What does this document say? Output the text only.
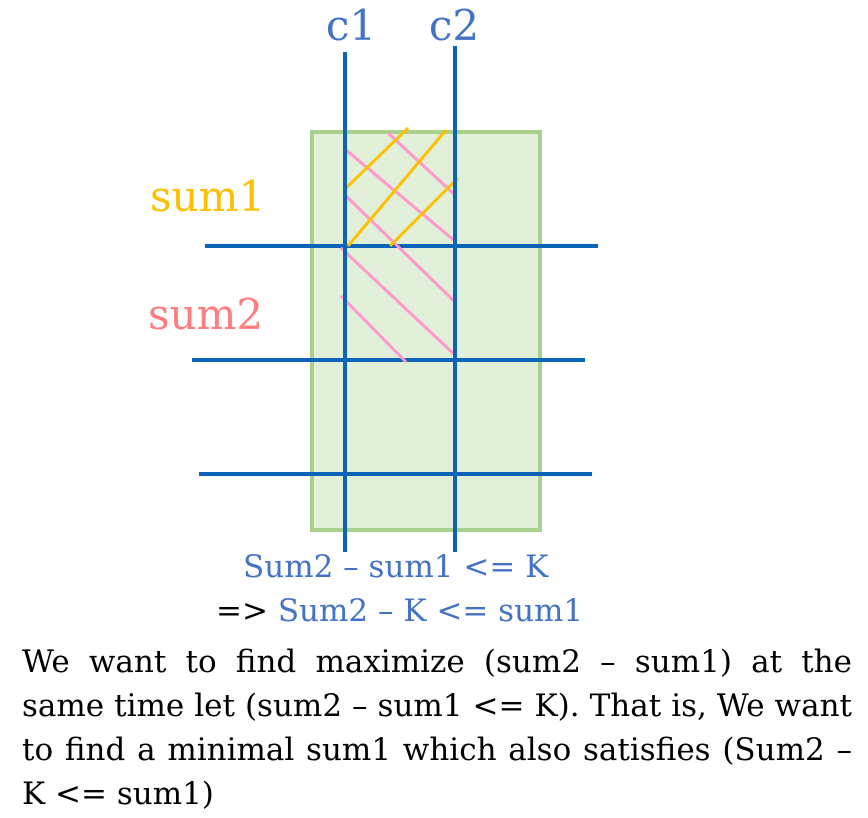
c1 c2
sum1
sum2
Sum2 – sum1 <= K
=> Sum2 – K <= sum1

We want to find maximize (sum2 – sum1) at the same time let (sum2 – sum1 <= K). That is, We want to find a minimal sum1 which also satisfies (Sum2 – K <= sum1)
